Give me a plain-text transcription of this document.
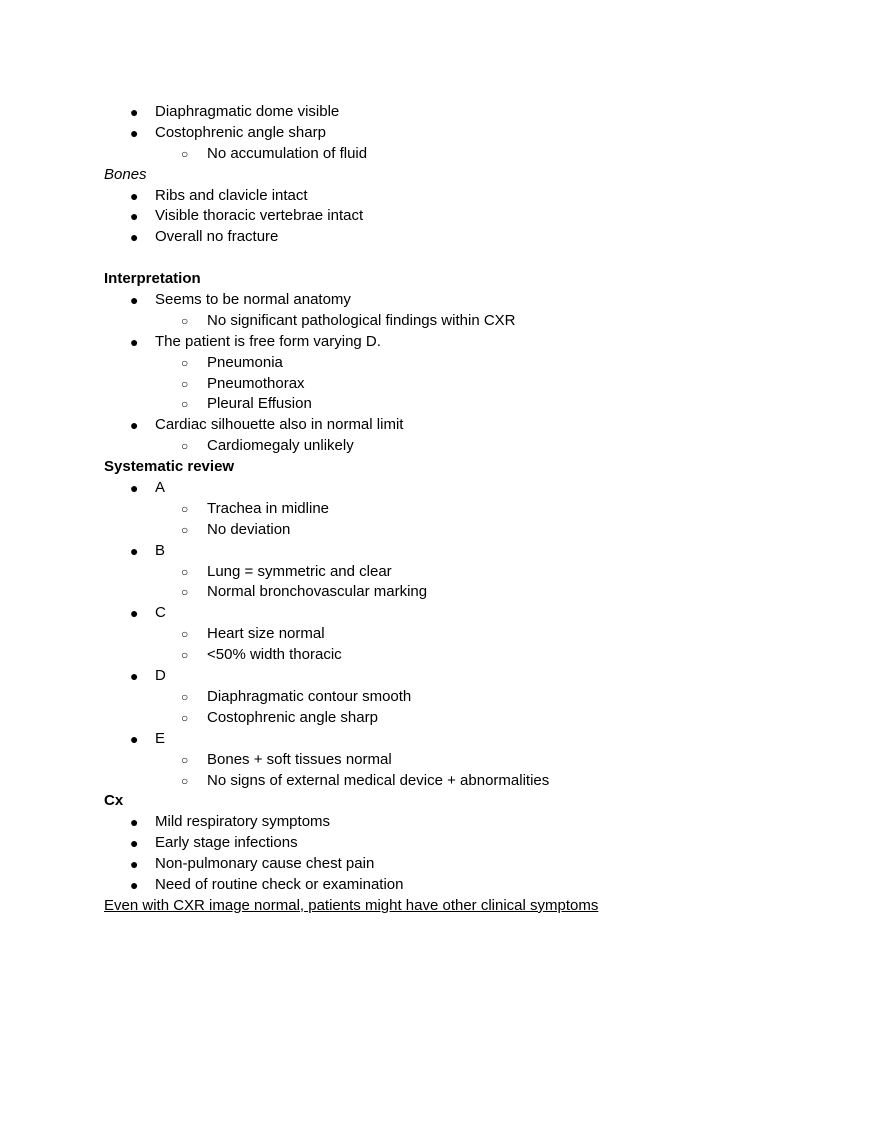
● Diaphragmatic dome visible
● Costophrenic angle sharp
○ No accumulation of fluid
Bones
● Ribs and clavicle intact
● Visible thoracic vertebrae intact
● Overall no fracture
Interpretation
● Seems to be normal anatomy
○ No significant pathological findings within CXR
● The patient is free form varying D.
○ Pneumonia
○ Pneumothorax
○ Pleural Effusion
● Cardiac silhouette also in normal limit
○ Cardiomegaly unlikely
Systematic review
● A
○ Trachea in midline
○ No deviation
● B
○ Lung = symmetric and clear
○ Normal bronchovascular marking
● C
○ Heart size normal
○ <50% width thoracic
● D
○ Diaphragmatic contour smooth
○ Costophrenic angle sharp
● E
○ Bones + soft tissues normal
○ No signs of external medical device + abnormalities
Cx
● Mild respiratory symptoms
● Early stage infections
● Non-pulmonary cause chest pain
● Need of routine check or examination
Even with CXR image normal, patients might have other clinical symptoms
